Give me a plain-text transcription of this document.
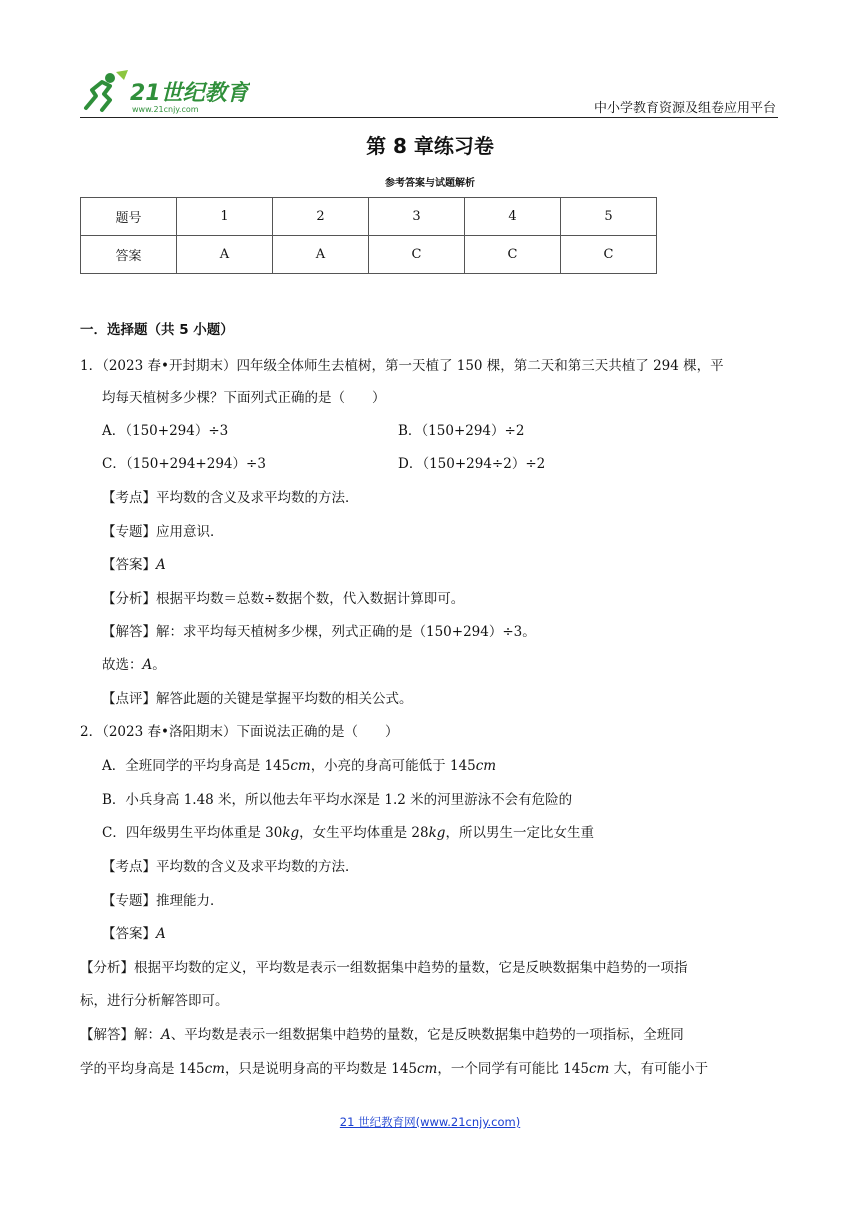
21世纪教育
www.21cnjy.com	中小学教育资源及组卷应用平台
第 8 章练习卷
参考答案与试题解析
题号	1	2	3	4	5
答案	A	A	C	C	C
一．选择题（共 5 小题）
1．（2023 春•开封期末）四年级全体师生去植树，第一天植了 150 棵，第二天和第三天共植了 294 棵，平
均每天植树多少棵？下面列式正确的是（　　）
A．（150+294）÷3	B．（150+294）÷2
C．（150+294+294）÷3	D．（150+294÷2）÷2
【考点】平均数的含义及求平均数的方法．
【专题】应用意识．
【答案】A
【分析】根据平均数＝总数÷数据个数，代入数据计算即可。
【解答】解：求平均每天植树多少棵，列式正确的是（150+294）÷3。
故选：A。
【点评】解答此题的关键是掌握平均数的相关公式。
2．（2023 春•洛阳期末）下面说法正确的是（　　）
A．全班同学的平均身高是 145cm，小亮的身高可能低于 145cm
B．小兵身高 1.48 米，所以他去年平均水深是 1.2 米的河里游泳不会有危险的
C．四年级男生平均体重是 30kg，女生平均体重是 28kg，所以男生一定比女生重
【考点】平均数的含义及求平均数的方法．
【专题】推理能力．
【答案】A
【分析】根据平均数的定义，平均数是表示一组数据集中趋势的量数，它是反映数据集中趋势的一项指
标，进行分析解答即可。
【解答】解：A、平均数是表示一组数据集中趋势的量数，它是反映数据集中趋势的一项指标，全班同
学的平均身高是 145cm，只是说明身高的平均数是 145cm，一个同学有可能比 145cm 大，有可能小于
21 世纪教育网(www.21cnjy.com)
